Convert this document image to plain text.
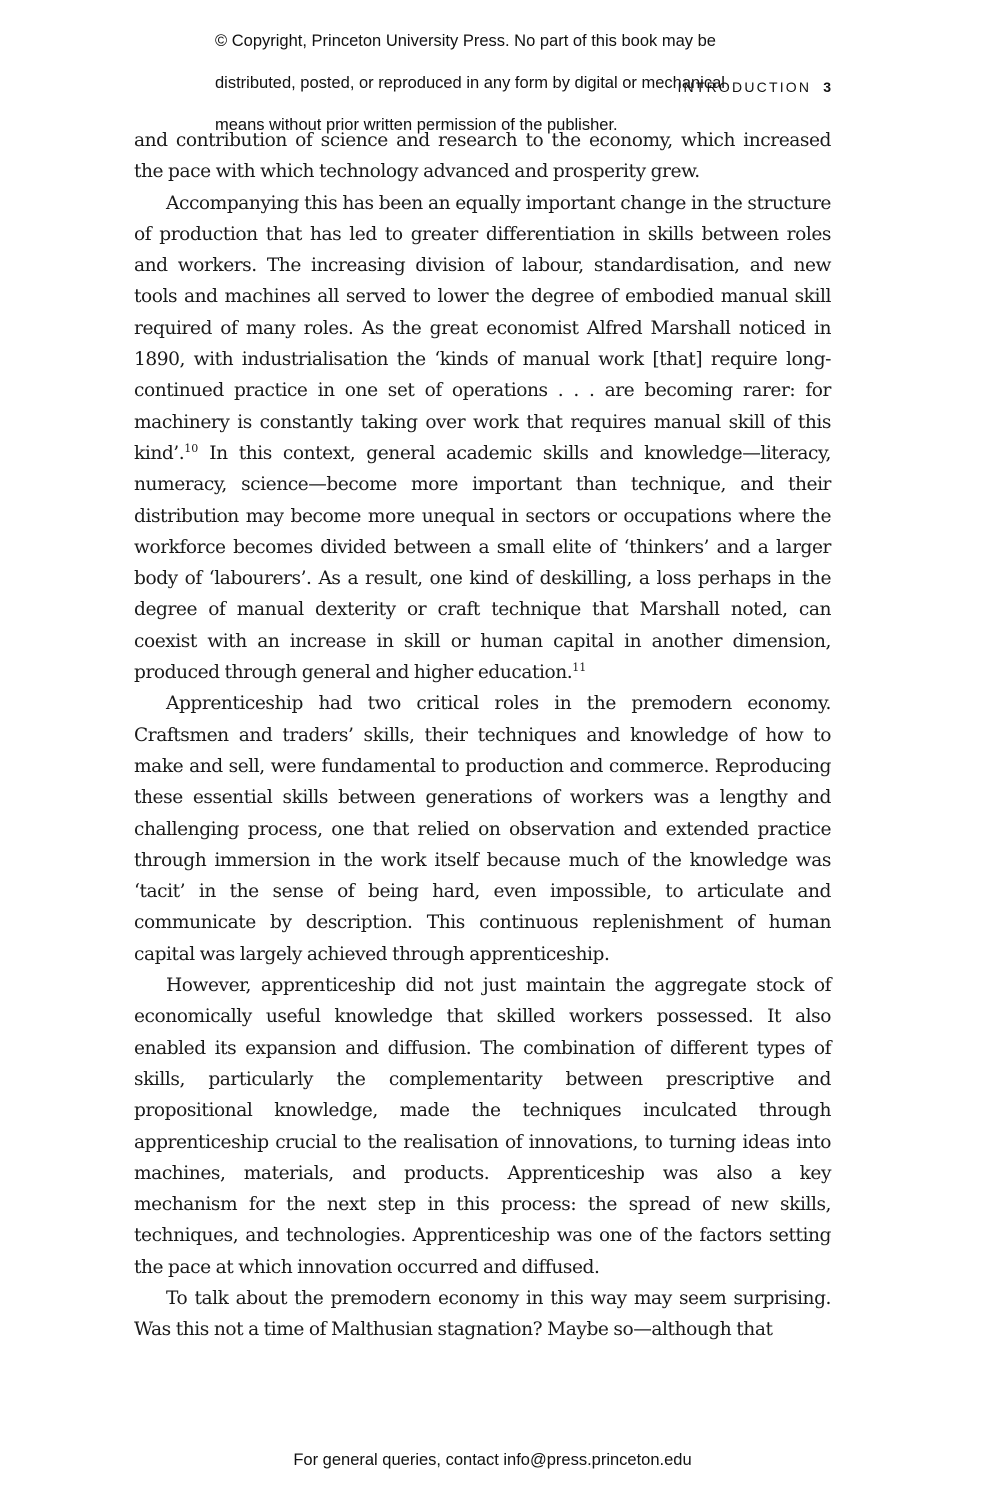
© Copyright, Princeton University Press. No part of this book may be

distributed, posted, or reproduced in any form by digital or mechanical

means without prior written permission of the publisher.

INTRODUCTION 3

and contribution of science and research to the economy, which increased the pace with which technology advanced and prosperity grew.

Accompanying this has been an equally important change in the structure of production that has led to greater differentiation in skills between roles and workers. The increasing division of labour, standardisation, and new tools and machines all served to lower the degree of embodied manual skill required of many roles. As the great economist Alfred Marshall noticed in 1890, with industrialisation the ‘kinds of manual work [that] require long-continued practice in one set of operations . . . are becoming rarer: for machinery is constantly taking over work that requires manual skill of this kind’.$^{10}$ In this context, general academic skills and knowledge—literacy, numeracy, science—become more important than technique, and their distribution may become more unequal in sectors or occupations where the workforce becomes divided between a small elite of ‘thinkers’ and a larger body of ‘labourers’. As a result, one kind of deskilling, a loss perhaps in the degree of manual dexterity or craft technique that Marshall noted, can coexist with an increase in skill or human capital in another dimension, produced through general and higher education.$^{11}$

Apprenticeship had two critical roles in the premodern economy. Craftsmen and traders’ skills, their techniques and knowledge of how to make and sell, were fundamental to production and commerce. Reproducing these essential skills between generations of workers was a lengthy and challenging process, one that relied on observation and extended practice through immersion in the work itself because much of the knowledge was ‘tacit’ in the sense of being hard, even impossible, to articulate and communicate by description. This continuous replenishment of human capital was largely achieved through apprenticeship.

However, apprenticeship did not just maintain the aggregate stock of economically useful knowledge that skilled workers possessed. It also enabled its expansion and diffusion. The combination of different types of skills, particularly the complementarity between prescriptive and propositional knowledge, made the techniques inculcated through apprenticeship crucial to the realisation of innovations, to turning ideas into machines, materials, and products. Apprenticeship was also a key mechanism for the next step in this process: the spread of new skills, techniques, and technologies. Apprenticeship was one of the factors setting the pace at which innovation occurred and diffused.

To talk about the premodern economy in this way may seem surprising. Was this not a time of Malthusian stagnation? Maybe so—although that

For general queries, contact info@press.princeton.edu
